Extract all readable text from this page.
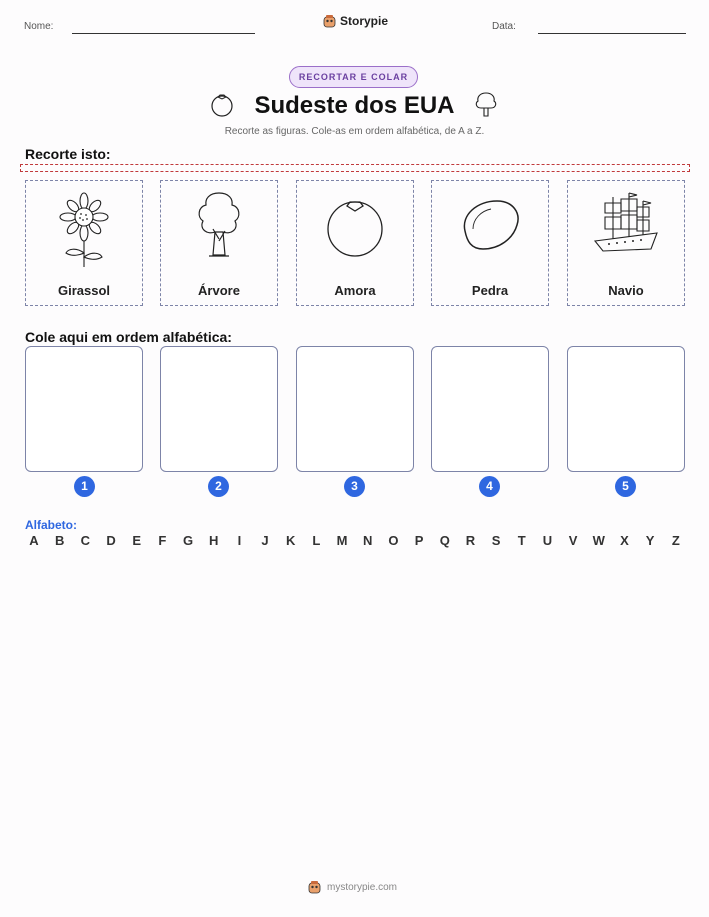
Nome:	Storypie	Data:
RECORTAR E COLAR
Sudeste dos EUA
Recorte as figuras. Cole-as em ordem alfabética, de A a Z.
Recorte isto:
Girassol	Árvore	Amora	Pedra	Navio
Cole aqui em ordem alfabética:
1	2	3	4	5
Alfabeto:
A B C D E F G H	I	J K L M N O P Q R S T U V W X Y Z
mystorypie.com
